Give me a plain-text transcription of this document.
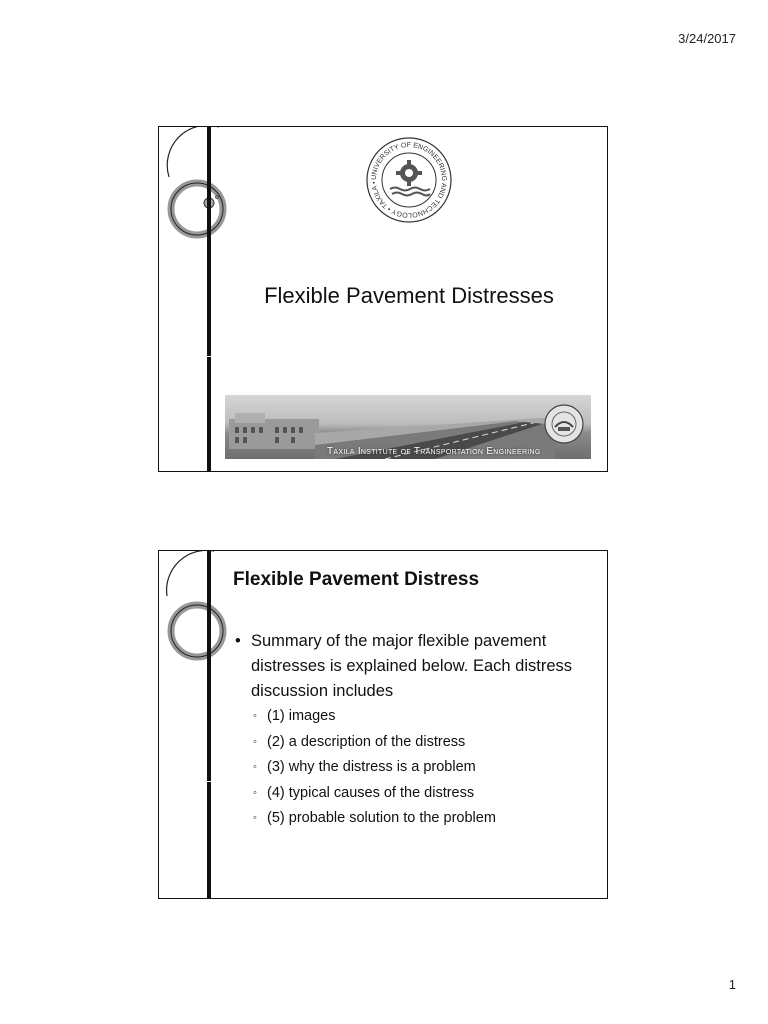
3/24/2017
UNIVERSITY OF ENGINEERING AND TECHNOLOGY • TAXILA •
Flexible Pavement Distresses
Taxila Institute of Transportation Engineering
Flexible Pavement Distress
• Summary of the major flexible pavement distresses is explained below. Each distress discussion includes
◦ (1) images
◦ (2) a description of the distress
◦ (3) why the distress is a problem
◦ (4) typical causes of the distress
◦ (5) probable solution to the problem
1
